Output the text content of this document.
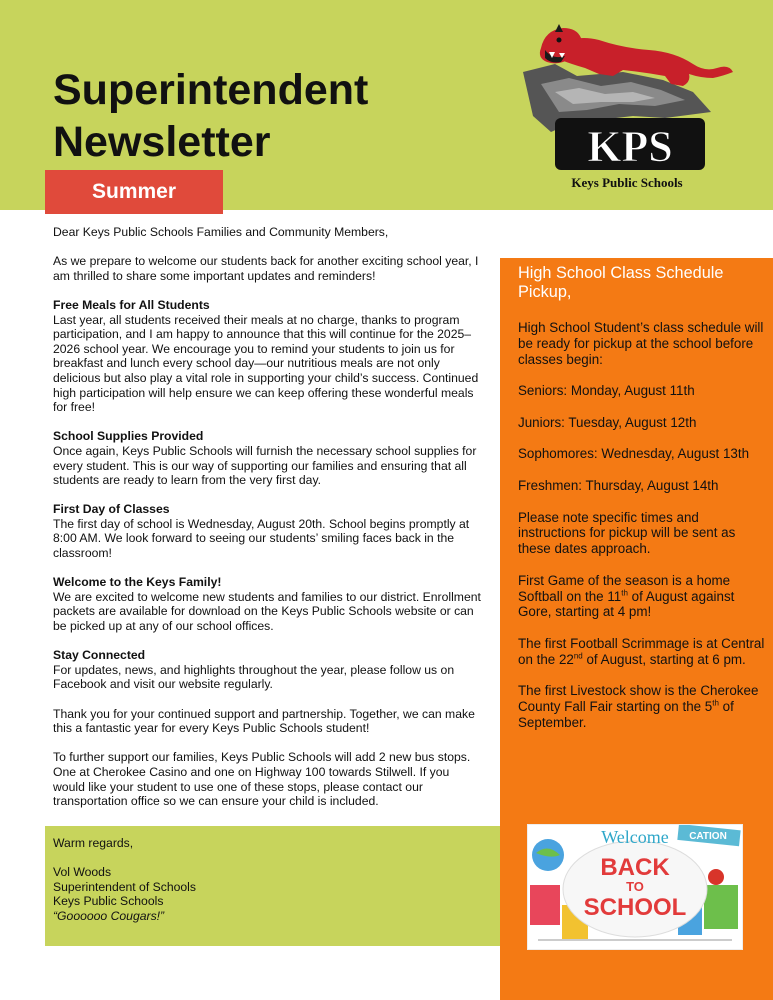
Superintendent
Newsletter
Summer
KPS
Keys Public Schools

Dear Keys Public Schools Families and Community Members,

As we prepare to welcome our students back for another exciting school year, I am thrilled to share some important updates and reminders!

Free Meals for All Students
Last year, all students received their meals at no charge, thanks to program participation, and I am happy to announce that this will continue for the 2025–2026 school year. We encourage you to remind your students to join us for breakfast and lunch every school day—our nutritious meals are not only delicious but also play a vital role in supporting your child’s success. Continued high participation will help ensure we can keep offering these wonderful meals for free!

School Supplies Provided
Once again, Keys Public Schools will furnish the necessary school supplies for every student. This is our way of supporting our families and ensuring that all students are ready to learn from the very first day.

First Day of Classes
The first day of school is Wednesday, August 20th. School begins promptly at 8:00 AM. We look forward to seeing our students’ smiling faces back in the classroom!

Welcome to the Keys Family!
We are excited to welcome new students and families to our district. Enrollment packets are available for download on the Keys Public Schools website or can be picked up at any of our school offices.

Stay Connected
For updates, news, and highlights throughout the year, please follow us on Facebook and visit our website regularly.

Thank you for your continued support and partnership. Together, we can make this a fantastic year for every Keys Public Schools student!

To further support our families, Keys Public Schools will add 2 new bus stops. One at Cherokee Casino and one on Highway 100 towards Stilwell. If you would like your student to use one of these stops, please contact our transportation office so we can ensure your child is included.

Warm regards,
Vol Woods
Superintendent of Schools
Keys Public Schools
“Goooooo Cougars!”
High School Class Schedule Pickup,

High School Student’s class schedule will be ready for pickup at the school before classes begin:

Seniors: Monday, August 11th

Juniors: Tuesday, August 12th

Sophomores: Wednesday, August 13th

Freshmen: Thursday, August 14th

Please note specific times and instructions for pickup will be sent as these dates approach.

First Game of the season is a home Softball on the 11th of August against Gore, starting at 4 pm!

The first Football Scrimmage is at Central on the 22nd of August, starting at 6 pm.

The first Livestock show is the Cherokee County Fall Fair starting on the 5th of September.

CATION
Welcome
BACK
TO
SCHOOL
